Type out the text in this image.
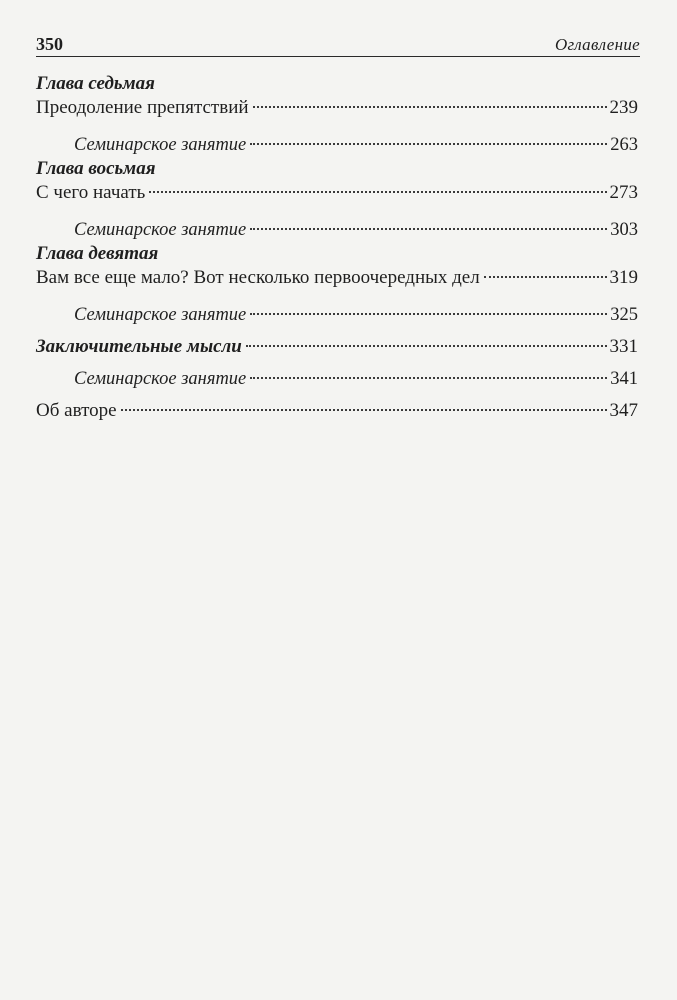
350	Оглавление
Глава седьмая
Преодоление препятствий	239
Семинарское занятие	263
Глава восьмая
С чего начать	273
Семинарское занятие	303
Глава девятая
Вам все еще мало? Вот несколько первоочередных дел	319
Семинарское занятие	325
Заключительные мысли	331
Семинарское занятие	341
Об авторе	347
